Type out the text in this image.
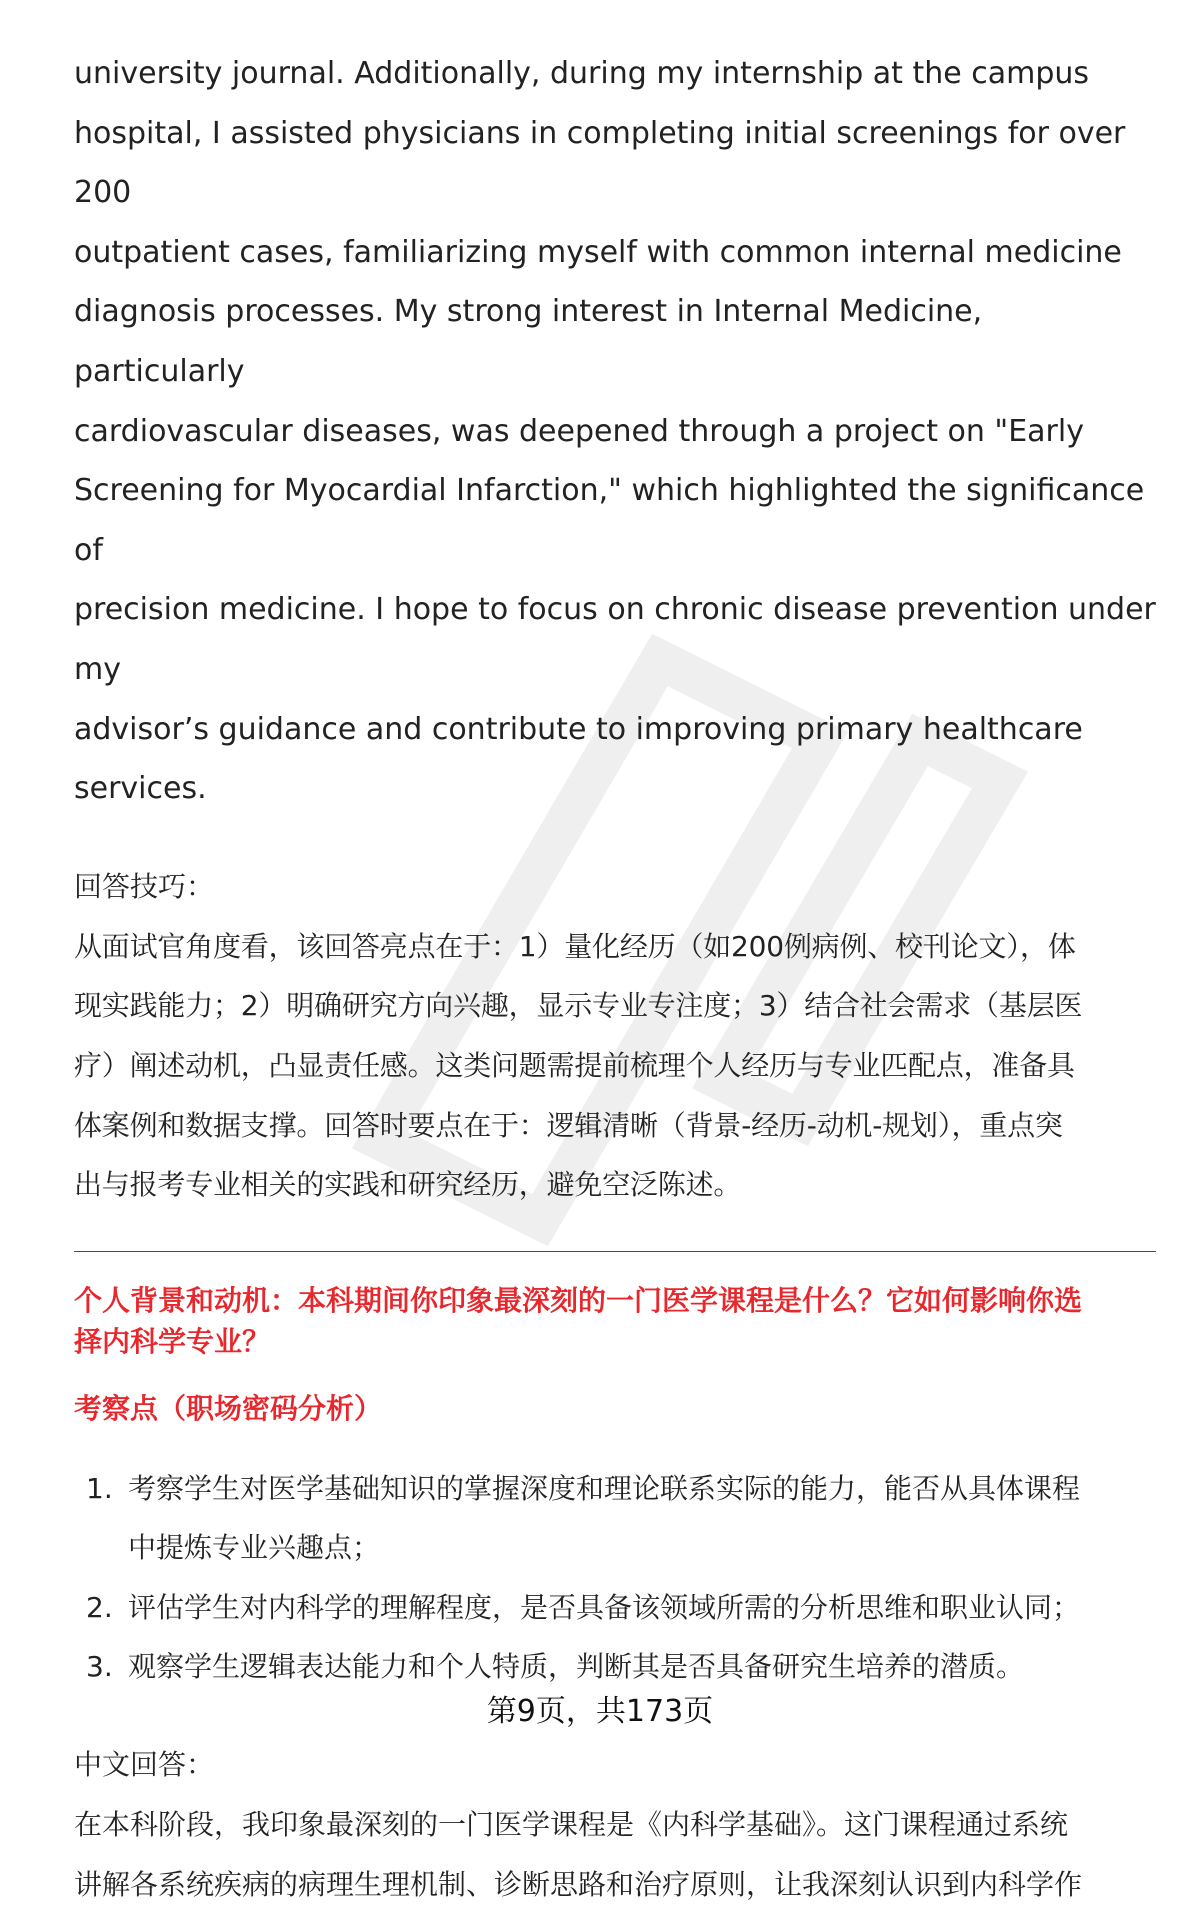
university journal. Additionally, during my internship at the campus

hospital, I assisted physicians in completing initial screenings for over 200

outpatient cases, familiarizing myself with common internal medicine

diagnosis processes. My strong interest in Internal Medicine, particularly

cardiovascular diseases, was deepened through a project on "Early

Screening for Myocardial Infarction," which highlighted the significance of

precision medicine. I hope to focus on chronic disease prevention under my

advisor’s guidance and contribute to improving primary healthcare

services.

回答技巧：

从面试官角度看，该回答亮点在于：1）量化经历（如200例病例、校刊论文），体

现实践能力；2）明确研究方向兴趣，显示专业专注度；3）结合社会需求（基层医

疗）阐述动机，凸显责任感。这类问题需提前梳理个人经历与专业匹配点，准备具

体案例和数据支撑。回答时要点在于：逻辑清晰（背景-经历-动机-规划），重点突

出与报考专业相关的实践和研究经历，避免空泛陈述。

个人背景和动机：本科期间你印象最深刻的一门医学课程是什么？它如何影响你选
择内科学专业？
考察点（职场密码分析）
1. 考察学生对医学基础知识的掌握深度和理论联系实际的能力，能否从具体课程
中提炼专业兴趣点；
2. 评估学生对内科学的理解程度，是否具备该领域所需的分析思维和职业认同；
3. 观察学生逻辑表达能力和个人特质，判断其是否具备研究生培养的潜质。

中文回答：

在本科阶段，我印象最深刻的一门医学课程是《内科学基础》。这门课程通过系统

讲解各系统疾病的病理生理机制、诊断思路和治疗原则，让我深刻认识到内科学作

第9页，共173页
